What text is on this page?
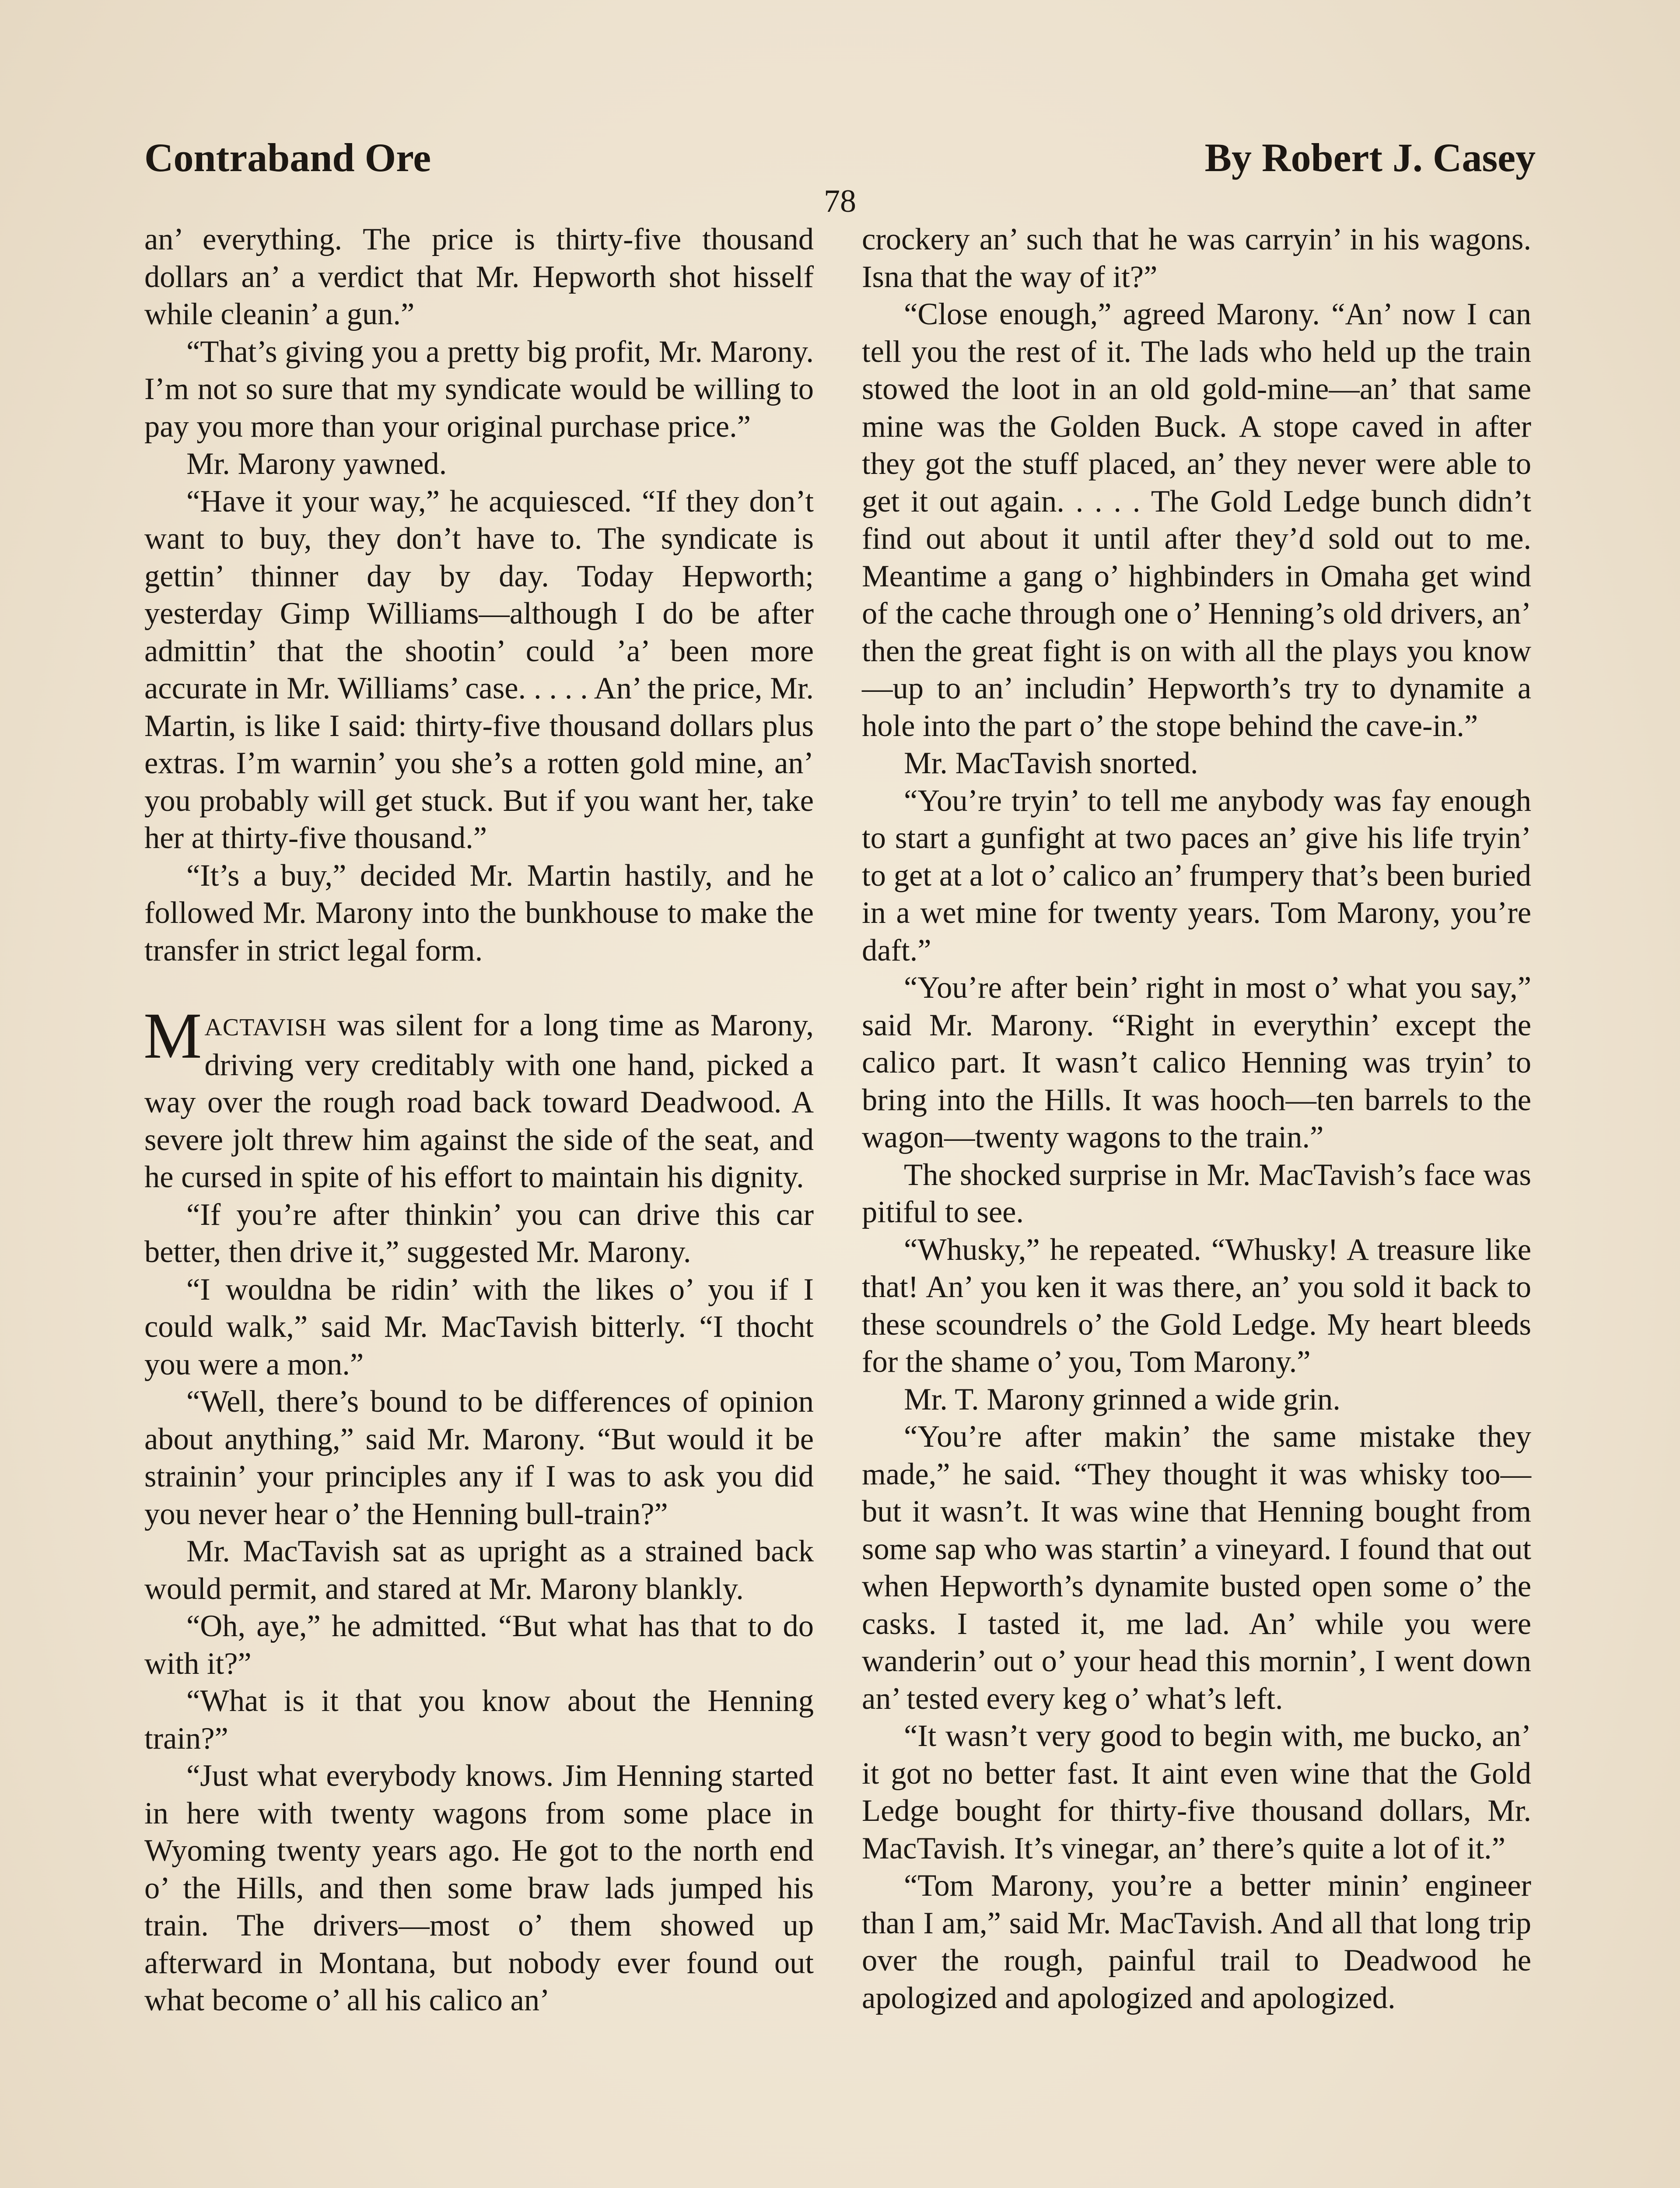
Contraband Ore	By Robert J. Casey
78

an’ everything. The price is thirty-five thousand dollars an’ a verdict that Mr. Hepworth shot hisself while cleanin’ a gun.”

“That’s giving you a pretty big profit, Mr. Marony. I’m not so sure that my syndicate would be willing to pay you more than your original purchase price.”

Mr. Marony yawned.

“Have it your way,” he acquiesced. “If they don’t want to buy, they don’t have to. The syndicate is gettin’ thinner day by day. Today Hepworth; yesterday Gimp Williams—although I do be after admittin’ that the shootin’ could ’a’ been more accurate in Mr. Williams’ case. . . . . An’ the price, Mr. Martin, is like I said: thirty-five thousand dollars plus extras. I’m warnin’ you she’s a rotten gold mine, an’ you probably will get stuck. But if you want her, take her at thirty-five thousand.”

“It’s a buy,” decided Mr. Martin hastily, and he followed Mr. Marony into the bunkhouse to make the transfer in strict legal form.

MACTAVISH was silent for a long time as Marony, driving very creditably with one hand, picked a way over the rough road back toward Deadwood. A severe jolt threw him against the side of the seat, and he cursed in spite of his effort to maintain his dignity.

“If you’re after thinkin’ you can drive this car better, then drive it,” suggested Mr. Marony.

“I wouldna be ridin’ with the likes o’ you if I could walk,” said Mr. MacTavish bitterly. “I thocht you were a mon.”

“Well, there’s bound to be differences of opinion about anything,” said Mr. Marony. “But would it be strainin’ your principles any if I was to ask you did you never hear o’ the Henning bull-train?”

Mr. MacTavish sat as upright as a strained back would permit, and stared at Mr. Marony blankly.

“Oh, aye,” he admitted. “But what has that to do with it?”

“What is it that you know about the Henning train?”

“Just what everybody knows. Jim Henning started in here with twenty wagons from some place in Wyoming twenty years ago. He got to the north end o’ the Hills, and then some braw lads jumped his train. The drivers—most o’ them showed up afterward in Montana, but nobody ever found out what become o’ all his calico an’

crockery an’ such that he was carryin’ in his wagons. Isna that the way of it?”

“Close enough,” agreed Marony. “An’ now I can tell you the rest of it. The lads who held up the train stowed the loot in an old gold-mine—an’ that same mine was the Golden Buck. A stope caved in after they got the stuff placed, an’ they never were able to get it out again. . . . . The Gold Ledge bunch didn’t find out about it until after they’d sold out to me. Meantime a gang o’ highbinders in Omaha get wind of the cache through one o’ Henning’s old drivers, an’ then the great fight is on with all the plays you know—up to an’ includin’ Hepworth’s try to dynamite a hole into the part o’ the stope behind the cave-in.”

Mr. MacTavish snorted.

“You’re tryin’ to tell me anybody was fay enough to start a gunfight at two paces an’ give his life tryin’ to get at a lot o’ calico an’ frumpery that’s been buried in a wet mine for twenty years. Tom Marony, you’re daft.”

“You’re after bein’ right in most o’ what you say,” said Mr. Marony. “Right in everythin’ except the calico part. It wasn’t calico Henning was tryin’ to bring into the Hills. It was hooch—ten barrels to the wagon—twenty wagons to the train.”

The shocked surprise in Mr. MacTavish’s face was pitiful to see.

“Whusky,” he repeated. “Whusky! A treasure like that! An’ you ken it was there, an’ you sold it back to these scoundrels o’ the Gold Ledge. My heart bleeds for the shame o’ you, Tom Marony.”

Mr. T. Marony grinned a wide grin.

“You’re after makin’ the same mistake they made,” he said. “They thought it was whisky too—but it wasn’t. It was wine that Henning bought from some sap who was startin’ a vineyard. I found that out when Hepworth’s dynamite busted open some o’ the casks. I tasted it, me lad. An’ while you were wanderin’ out o’ your head this mornin’, I went down an’ tested every keg o’ what’s left.

“It wasn’t very good to begin with, me bucko, an’ it got no better fast. It aint even wine that the Gold Ledge bought for thirty-five thousand dollars, Mr. MacTavish. It’s vinegar, an’ there’s quite a lot of it.”

“Tom Marony, you’re a better minin’ engineer than I am,” said Mr. MacTavish. And all that long trip over the rough, painful trail to Deadwood he apologized and apologized and apologized.
